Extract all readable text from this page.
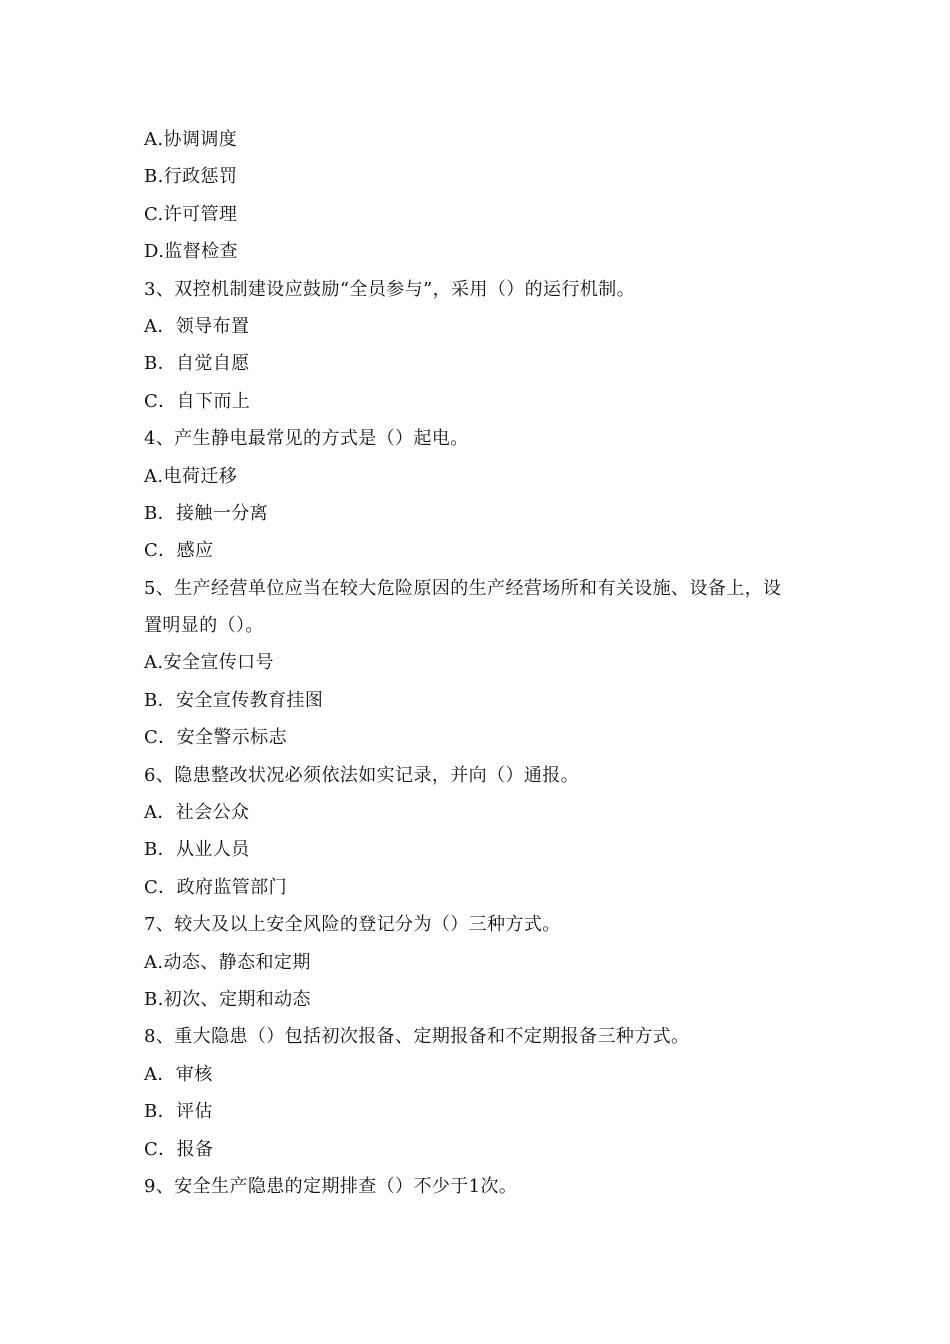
A.协调调度
B.行政惩罚
C.许可管理
D.监督检查
3、双控机制建设应鼓励“全员参与”，采用（）的运行机制。
A．领导布置
B．自觉自愿
C．自下而上
4、产生静电最常见的方式是（）起电。
A.电荷迁移
B．接触一分离
C．感应
5、生产经营单位应当在较大危险原因的生产经营场所和有关设施、设备上，设
置明显的（）。
A.安全宣传口号
B．安全宣传教育挂图
C．安全警示标志
6、隐患整改状况必须依法如实记录，并向（）通报。
A．社会公众
B．从业人员
C．政府监管部门
7、较大及以上安全风险的登记分为（）三种方式。
A.动态、静态和定期
B.初次、定期和动态
8、重大隐患（）包括初次报备、定期报备和不定期报备三种方式。
A．审核
B．评估
C．报备
9、安全生产隐患的定期排查（）不少于1次。
